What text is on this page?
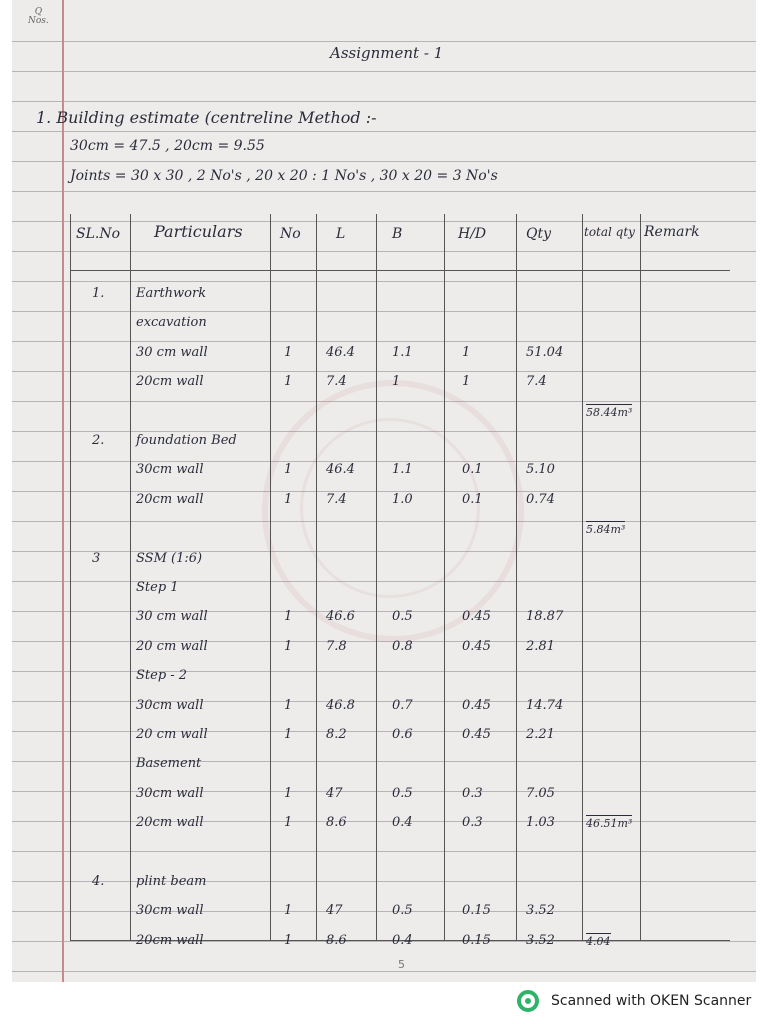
Q
Nos.
Assignment - 1
1. Building estimate (centreline Method :-
30cm = 47.5 , 20cm = 9.55
Joints = 30 x 30 , 2 No's , 20 x 20 : 1 No's , 30 x 20 = 3 No's
SL.No Particulars	No	L	B	H/D	Qty	total qty Remark
1. Earthwork
excavation
30 cm wall	1	46.4	1.1	1	51.04
20cm wall	1	7.4	1	1	7.4
58.44m³
2. foundation Bed
30cm wall	1	46.4	1.1	0.1	5.10
20cm wall	1	7.4	1.0	0.1	0.74
5.84m³
3	SSM (1:6)
Step 1
30 cm wall	1	46.6	0.5	0.45	18.87
20 cm wall	1	7.8	0.8	0.45	2.81
Step - 2
30cm wall	1	46.8	0.7	0.45	14.74
20 cm wall	1	8.2	0.6	0.45	2.21
Basement
30cm wall	1	47	0.5	0.3	7.05
20cm wall	1	8.6	0.4	0.3	1.03	46.51m³
4. plint beam
30cm wall	1	47	0.5	0.15	3.52
20cm wall	1	8.6	0.4	0.15	3.52	4.04
5
Scanned with OKEN Scanner
